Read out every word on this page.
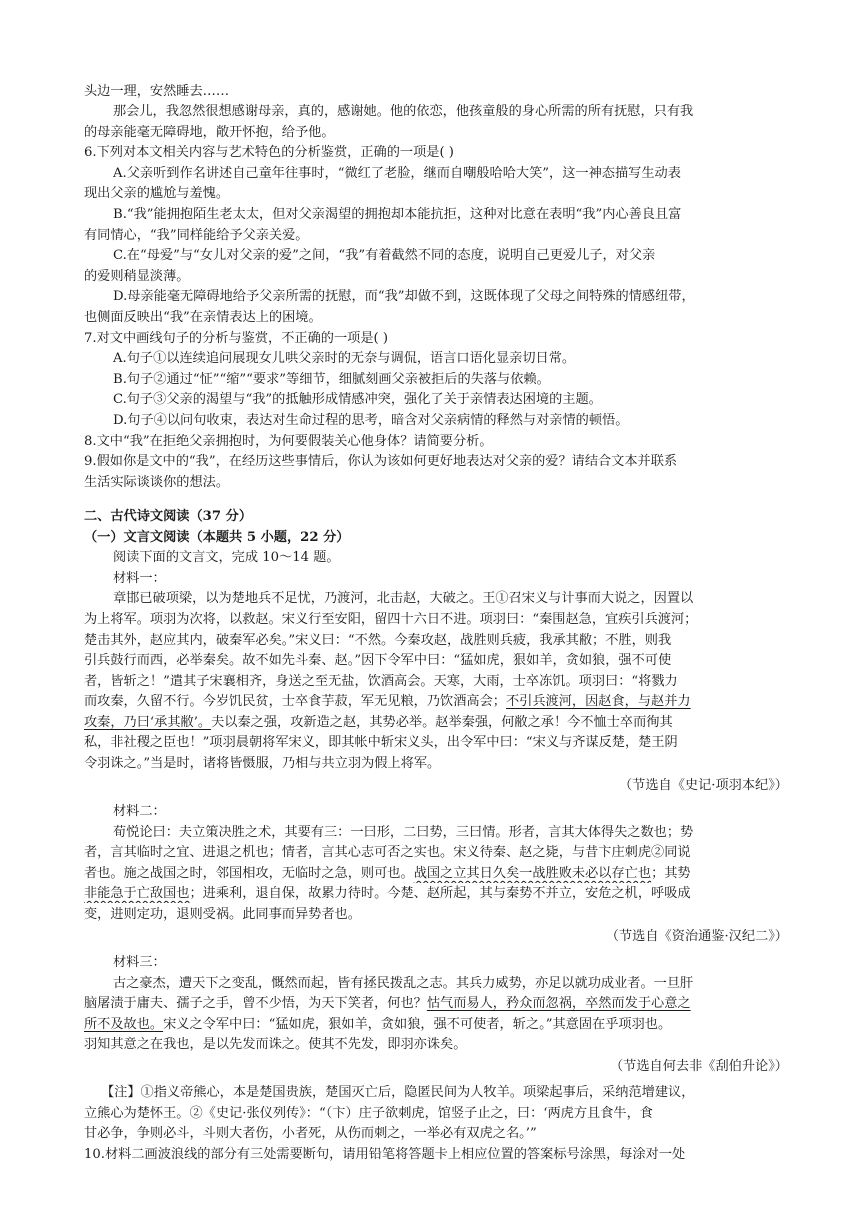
头边一理，安然睡去……
那会儿，我忽然很想感谢母亲，真的，感谢她。他的依恋，他孩童般的身心所需的所有抚慰，只有我
的母亲能毫无障碍地，敞开怀抱，给予他。
6.下列对本文相关内容与艺术特色的分析鉴赏，正确的一项是( )
A.父亲听到作名讲述自己童年往事时，“微红了老脸，继而自嘲般哈哈大笑”，这一神态描写生动表
现出父亲的尴尬与羞愧。
B.“我”能拥抱陌生老太太，但对父亲渴望的拥抱却本能抗拒，这种对比意在表明“我”内心善良且富
有同情心，“我”同样能给予父亲关爱。
C.在“母爱”与“女儿对父亲的爱”之间，“我”有着截然不同的态度，说明自己更爱儿子，对父亲
的爱则稍显淡薄。
D.母亲能毫无障碍地给予父亲所需的抚慰，而“我”却做不到，这既体现了父母之间特殊的情感纽带，
也侧面反映出“我”在亲情表达上的困境。
7.对文中画线句子的分析与鉴赏，不正确的一项是( )
A.句子①以连续追问展现女儿哄父亲时的无奈与调侃，语言口语化显亲切日常。
B.句子②通过“怔”“缩”“要求”等细节，细腻刻画父亲被拒后的失落与依赖。
C.句子③父亲的渴望与“我”的抵触形成情感冲突，强化了关于亲情表达困境的主题。
D.句子④以问句收束，表达对生命过程的思考，暗含对父亲病情的释然与对亲情的顿悟。
8.文中“我”在拒绝父亲拥抱时，为何要假装关心他身体？请简要分析。
9.假如你是文中的“我”，在经历这些事情后，你认为该如何更好地表达对父亲的爱？请结合文本并联系
生活实际谈谈你的想法。
二、古代诗文阅读（37 分）
（一）文言文阅读（本题共 5 小题，22 分）
阅读下面的文言文，完成 10～14 题。
材料一：
章邯已破项梁，以为楚地兵不足忧，乃渡河，北击赵，大破之。王①召宋义与计事而大说之，因置以
为上将军。项羽为次将，以救赵。宋义行至安阳，留四十六日不进。项羽曰：“秦围赵急，宜疾引兵渡河；
楚击其外，赵应其内，破秦军必矣。”宋义曰：“不然。今秦攻赵，战胜则兵疲，我承其敝；不胜，则我
引兵鼓行而西，必举秦矣。故不如先斗秦、赵。”因下令军中曰：“猛如虎，狠如羊，贪如狼，强不可使
者，皆斩之！”遣其子宋襄相齐，身送之至无盐，饮酒高会。天寒，大雨，士卒冻饥。项羽曰：“将戮力
而攻秦，久留不行。今岁饥民贫，士卒食芋菽，军无见粮，乃饮酒高会；不引兵渡河，因赵食，与赵并力
攻秦，乃曰‘承其敝’。夫以秦之强，攻新造之赵，其势必举。赵举秦强，何敝之承！今不恤士卒而徇其
私，非社稷之臣也！”项羽晨朝将军宋义，即其帐中斩宋义头，出令军中曰：“宋义与齐谋反楚，楚王阴
令羽诛之。”当是时，诸将皆慑服，乃相与共立羽为假上将军。
（节选自《史记·项羽本纪》）
材料二：
荀悦论曰：夫立策决胜之术，其要有三：一曰形，二曰势，三曰情。形者，言其大体得失之数也；势
者，言其临时之宜、进退之机也；情者，言其心志可否之实也。宋义待秦、赵之毙，与昔卞庄刺虎②同说
者也。施之战国之时，邻国相攻，无临时之急，则可也。战国之立其日久矣一战胜败未必以存亡也；其势
非能急于亡敌国也；进乘利，退自保，故累力待时。今楚、赵所起，其与秦势不并立，安危之机，呼吸成
变，进则定功，退则受祸。此同事而异势者也。
（节选自《资治通鉴·汉纪二》）
材料三：
古之豪杰，遭天下之变乱，慨然而起，皆有拯民拨乱之志。其兵力威势，亦足以就功成业者。一旦肝
脑屠渍于庸夫、孺子之手，曾不少悟，为天下笑者，何也？怙气而易人，矜众而忽祸，卒然而发于心意之
所不及故也。宋义之令军中曰：“猛如虎，狠如羊，贪如狼，强不可使者，斩之。”其意固在乎项羽也。
羽知其意之在我也，是以先发而诛之。使其不先发，即羽亦诛矣。
（节选自何去非《刮伯升论》）
【注】①指义帝熊心，本是楚国贵族，楚国灭亡后，隐匿民间为人牧羊。项梁起事后，采纳范增建议，
立熊心为楚怀王。②《史记·张仪列传》：“（卞）庄子欲刺虎，馆竖子止之，曰：‘两虎方且食牛，食
甘必争，争则必斗，斗则大者伤，小者死，从伤而刺之，一举必有双虎之名。’”
10.材料二画波浪线的部分有三处需要断句，请用铅笔将答题卡上相应位置的答案标号涂黑，每涂对一处
